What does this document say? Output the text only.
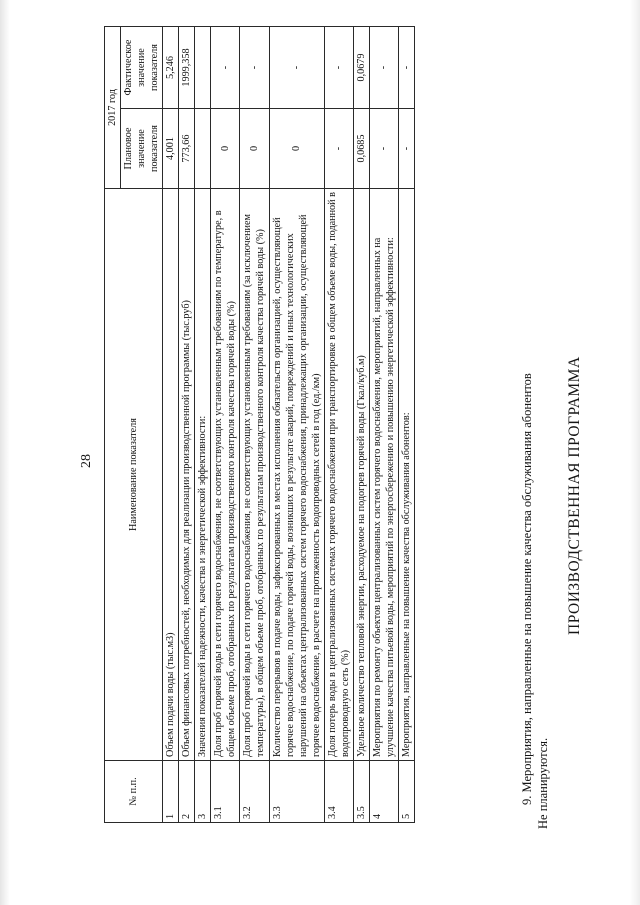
28
№ п.п.	Наименование показателя	2017 год	
		Плановое значение показателя	Фактическое значение показателя
1	Объем подачи воды (тыс.м3)	4,001	5,246
2	Объем финансовых потребностей, необходимых для реализации производственной программы (тыс.руб)	773,66	1999,358
3	Значения показателей надежности, качества и энергетической эффективности:		
3.1	Доля проб горячей воды в сети горячего водоснабжения, не соответствующих установленным требованиям по температуре, в общем объеме проб, отобранных по результатам производственного контроля качества горячей воды (%)	0	-
3.2	Доля проб горячей воды в сети горячего водоснабжения, не соответствующих установленным требованиям (за исключением температуры), в общем объеме проб, отобранных по результатам производственного контроля качества горячей воды (%)	0	-
3.3	Количество перерывов в подаче воды, зафиксированных в местах исполнения обязательств организацией, осуществляющей горячее водоснабжение, по подаче горячей воды, возникших в результате аварий, повреждений и иных технологических нарушений на объектах централизованных систем горячего водоснабжения, принадлежащих организации, осуществляющей горячее водоснабжение, в расчете на протяженность водопроводных сетей в год (ед./км)	0	-
3.4	Доля потерь воды в централизованных системах горячего водоснабжения при транспортировке в общем объеме воды, поданной в водопроводную сеть (%)	-	-
3.5	Удельное количество тепловой энергии, расходуемое на подогрев горячей воды (Гкал/куб.м)	0,0685	0,0679
4	Мероприятия по ремонту объектов централизованных систем горячего водоснабжения, мероприятий, направленных на улучшение качества питьевой воды, мероприятий по энергосбережению и повышению энергетической эффективности:	-	-
5	Мероприятия, направленные на повышение качества обслуживания абонентов:	-	-
9. Мероприятия, направленные на повышение качества обслуживания абонентов Не планируются.
ПРОИЗВОДСТВЕННАЯ ПРОГРАММА
